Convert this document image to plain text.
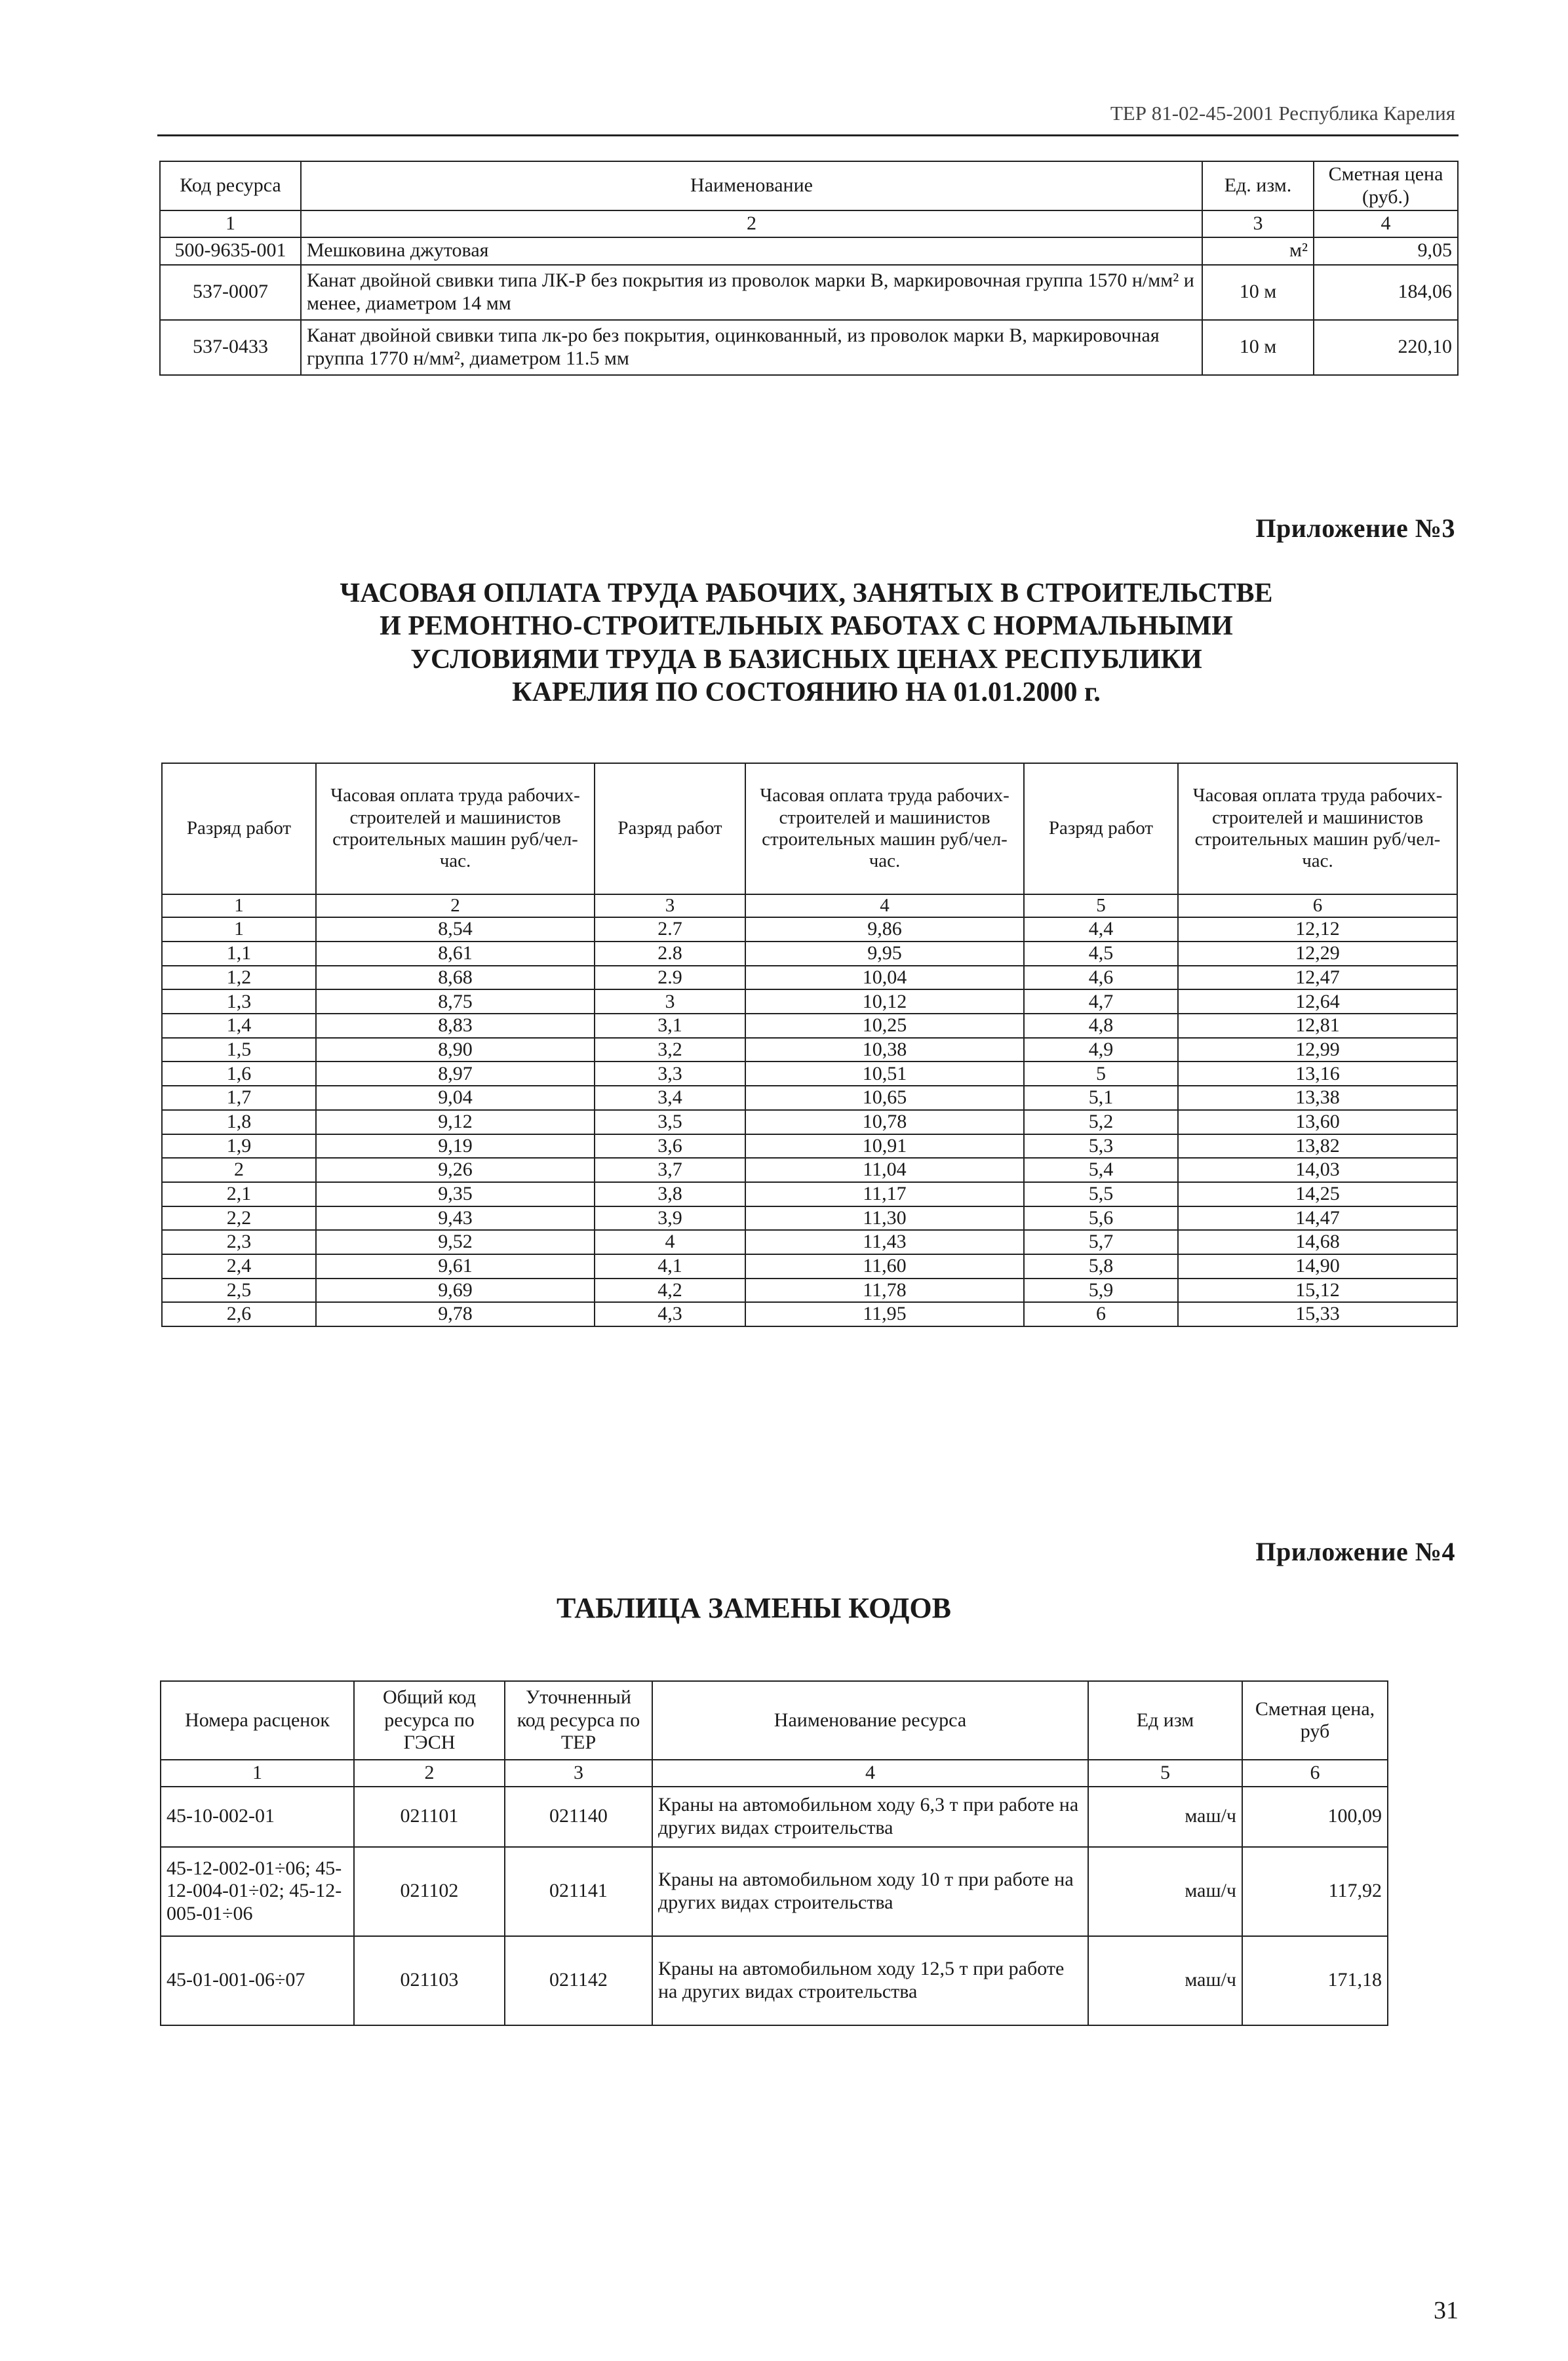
ТЕР 81-02-45-2001 Республика Карелия
Код ресурса	Наименование	Ед. изм.	Сметная цена (руб.)
1	2	3	4
500-9635-001	Мешковина джутовая	м²	9,05
537-0007	Канат двойной свивки типа ЛК-Р без покрытия из проволок марки В, маркировочная группа 1570 н/мм² и менее, диаметром 14 мм	10 м	184,06
537-0433	Канат двойной свивки типа лк-ро без покрытия, оцинкованный, из проволок марки В, маркировочная группа 1770 н/мм², диаметром 11.5 мм	10 м	220,10
Приложение №3
ЧАСОВАЯ ОПЛАТА ТРУДА РАБОЧИХ, ЗАНЯТЫХ В СТРОИТЕЛЬСТВЕ
И РЕМОНТНО-СТРОИТЕЛЬНЫХ РАБОТАХ С НОРМАЛЬНЫМИ
УСЛОВИЯМИ ТРУДА В БАЗИСНЫХ ЦЕНАХ РЕСПУБЛИКИ
КАРЕЛИЯ ПО СОСТОЯНИЮ НА 01.01.2000 г.
Разряд работ	Часовая оплата труда рабочих-строителей и машинистов строительных машин руб/чел-час.	Разряд работ	Часовая оплата труда рабочих-строителей и машинистов строительных машин руб/чел-час.	Разряд работ	Часовая оплата труда рабочих-строителей и машинистов строительных машин руб/чел-час.
1	2	3	4	5	6
1	8,54	2.7	9,86	4,4	12,12
1,1	8,61	2.8	9,95	4,5	12,29
1,2	8,68	2.9	10,04	4,6	12,47
1,3	8,75	3	10,12	4,7	12,64
1,4	8,83	3,1	10,25	4,8	12,81
1,5	8,90	3,2	10,38	4,9	12,99
1,6	8,97	3,3	10,51	5	13,16
1,7	9,04	3,4	10,65	5,1	13,38
1,8	9,12	3,5	10,78	5,2	13,60
1,9	9,19	3,6	10,91	5,3	13,82
2	9,26	3,7	11,04	5,4	14,03
2,1	9,35	3,8	11,17	5,5	14,25
2,2	9,43	3,9	11,30	5,6	14,47
2,3	9,52	4	11,43	5,7	14,68
2,4	9,61	4,1	11,60	5,8	14,90
2,5	9,69	4,2	11,78	5,9	15,12
2,6	9,78	4,3	11,95	6	15,33
Приложение №4
ТАБЛИЦА ЗАМЕНЫ КОДОВ
Номера расценок	Общий код ресурса по ГЭСН	Уточненный код ресурса по ТЕР	Наименование ресурса	Ед изм	Сметная цена, руб
1	2	3	4	5	6
45-10-002-01	021101	021140	Краны на автомобильном ходу 6,3 т при работе на других видах строительства	маш/ч	100,09
45-12-002-01÷06; 45-12-004-01÷02; 45-12-005-01÷06	021102	021141	Краны на автомобильном ходу 10 т при работе на других видах строительства	маш/ч	117,92
45-01-001-06÷07	021103	021142	Краны на автомобильном ходу 12,5 т при работе на других видах строительства	маш/ч	171,18
31
